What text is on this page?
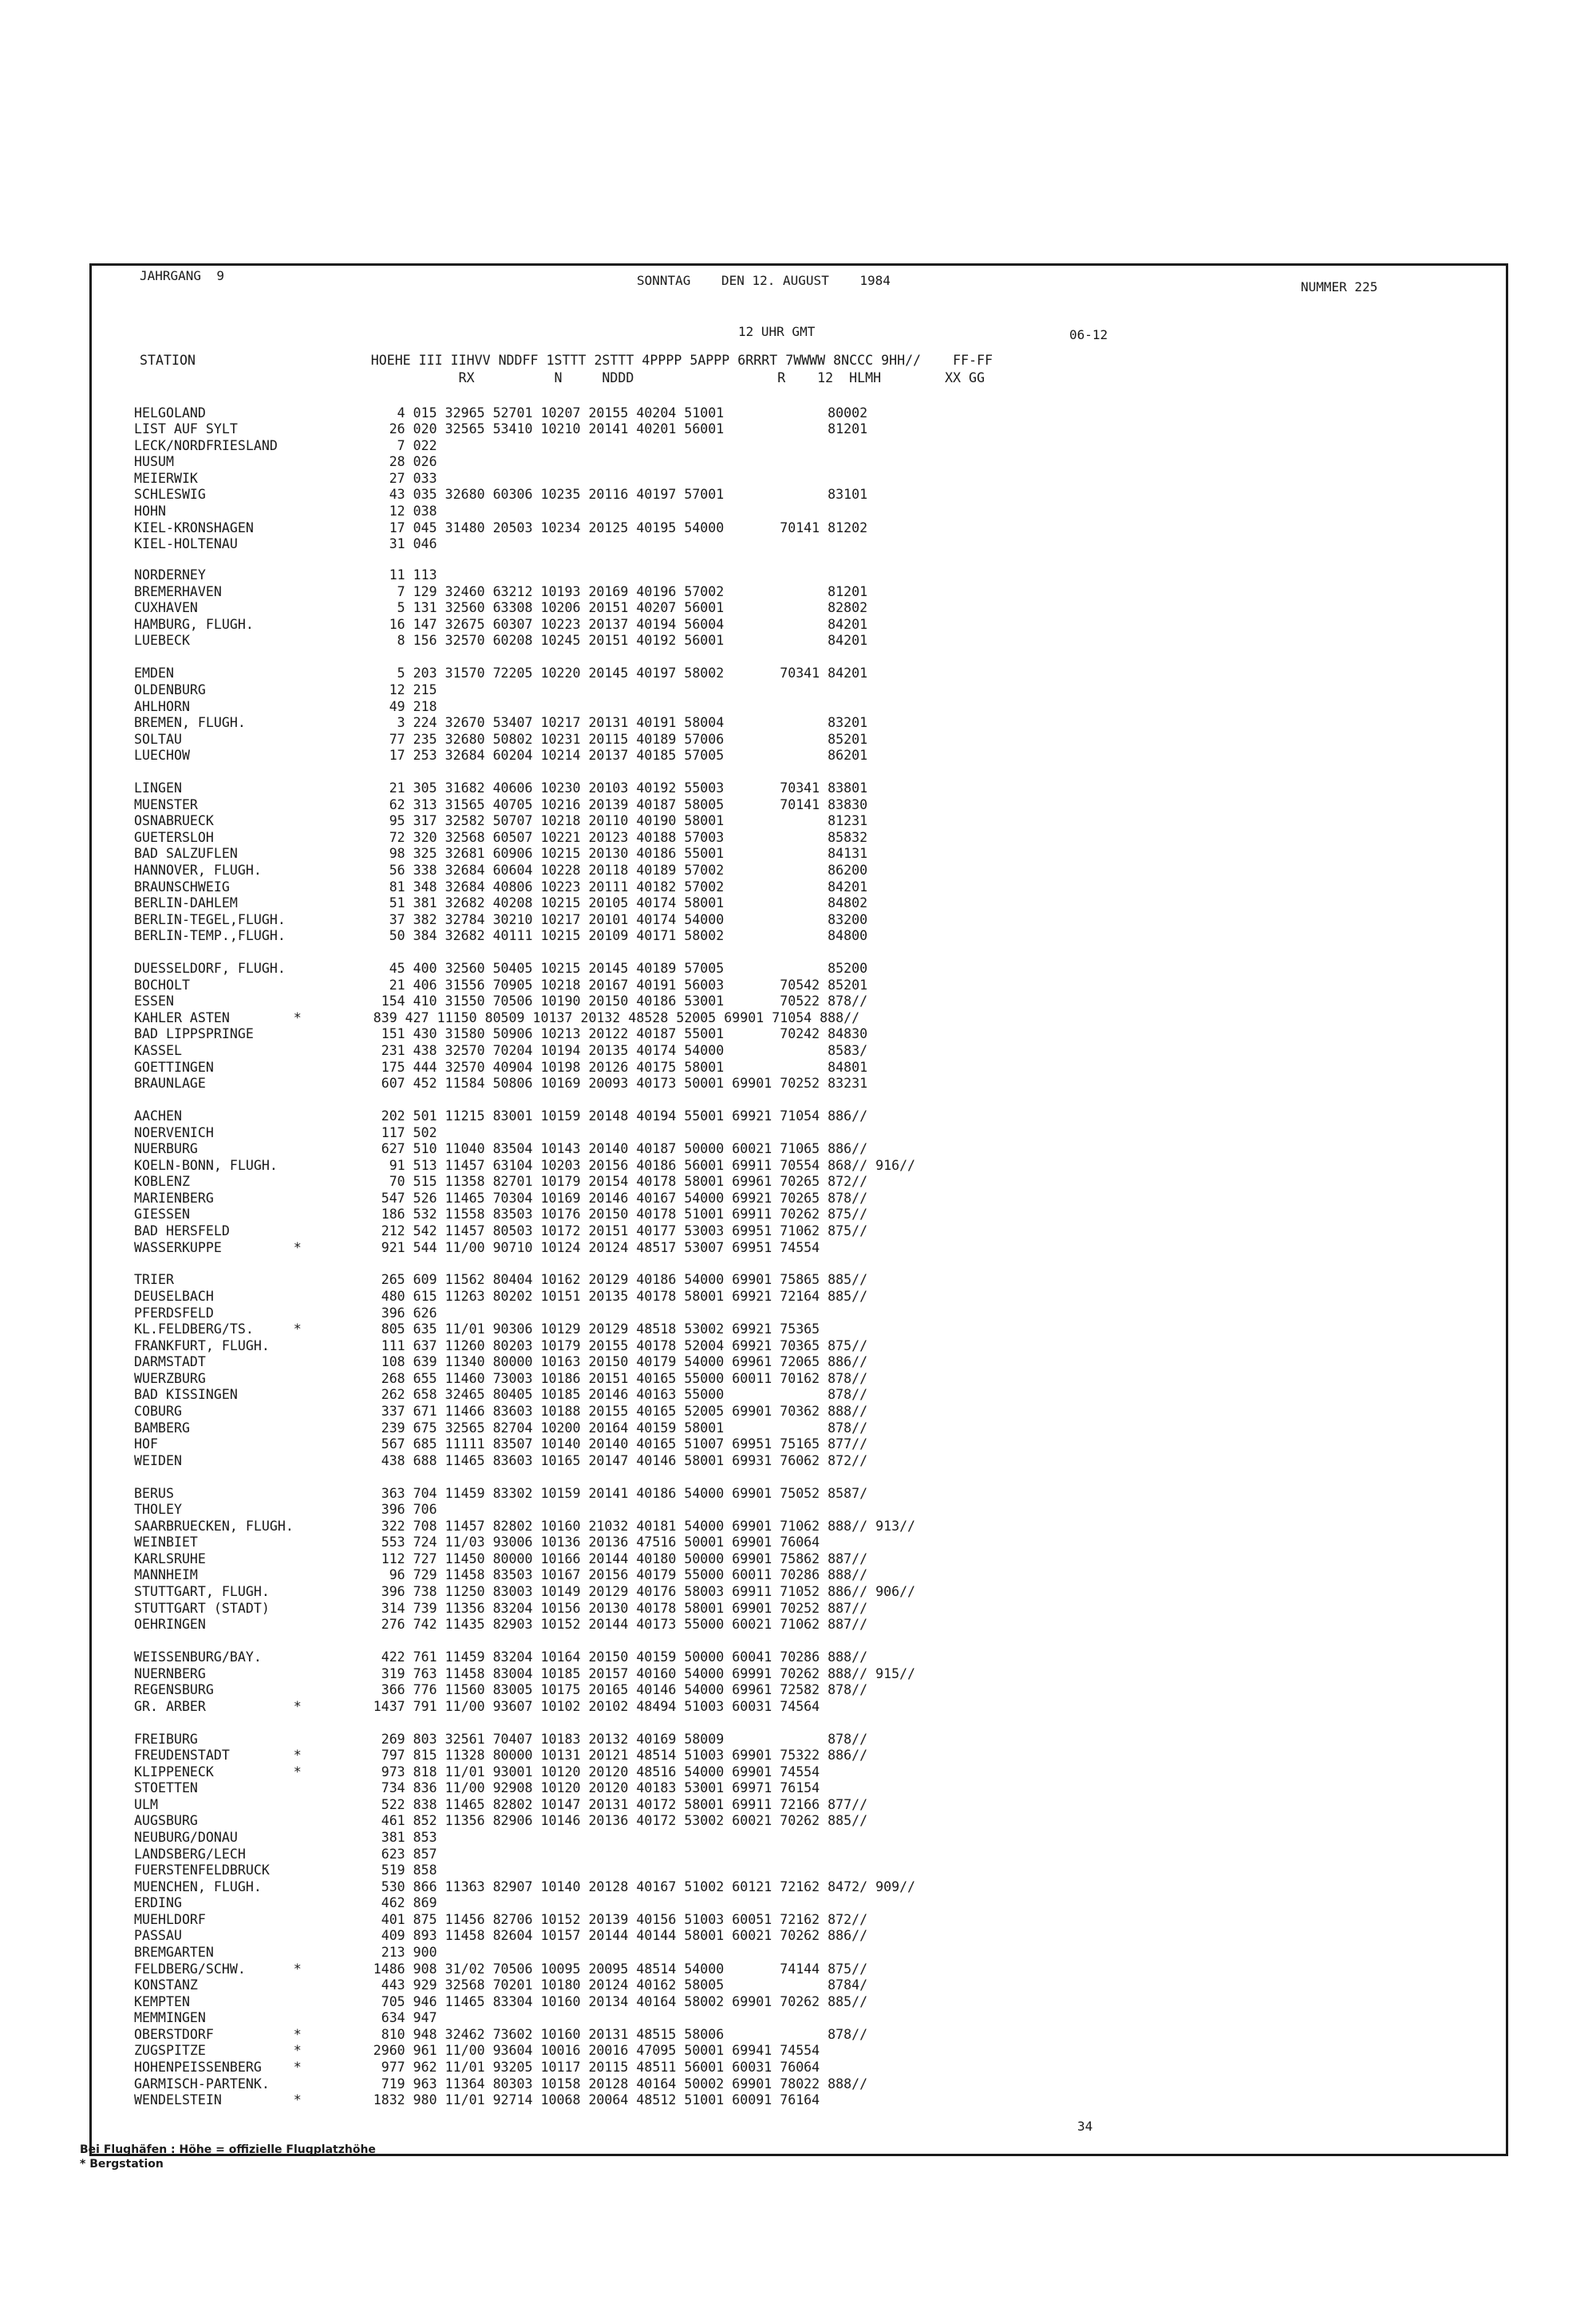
JAHRGANG  9	SONNTAG    DEN 12. AUGUST    1984	NUMMER 225
12 UHR GMT	06-12
STATION                      HOEHE III IIHVV NDDFF 1STTT 2STTT 4PPPP 5APPP 6RRRT 7WWWW 8NCCC 9HH//    FF-FF
RX          N     NDDD                  R    12  HLMH        XX GG
HELGOLAND                        4 015 32965 52701 10207 20155 40204 51001             80002
LIST AUF SYLT                   26 020 32565 53410 10210 20141 40201 56001             81201
LECK/NORDFRIESLAND               7 022
HUSUM                           28 026
MEIERWIK                        27 033
SCHLESWIG                       43 035 32680 60306 10235 20116 40197 57001             83101
HOHN                            12 038
KIEL-KRONSHAGEN                 17 045 31480 20503 10234 20125 40195 54000       70141 81202
KIEL-HOLTENAU                   31 046
NORDERNEY                       11 113
BREMERHAVEN                      7 129 32460 63212 10193 20169 40196 57002             81201
CUXHAVEN                         5 131 32560 63308 10206 20151 40207 56001             82802
HAMBURG, FLUGH.                 16 147 32675 60307 10223 20137 40194 56004             84201
LUEBECK                          8 156 32570 60208 10245 20151 40192 56001             84201
EMDEN                            5 203 31570 72205 10220 20145 40197 58002       70341 84201
OLDENBURG                       12 215
AHLHORN                         49 218
BREMEN, FLUGH.                   3 224 32670 53407 10217 20131 40191 58004             83201
SOLTAU                          77 235 32680 50802 10231 20115 40189 57006             85201
LUECHOW                         17 253 32684 60204 10214 20137 40185 57005             86201
LINGEN                          21 305 31682 40606 10230 20103 40192 55003       70341 83801
MUENSTER                        62 313 31565 40705 10216 20139 40187 58005       70141 83830
OSNABRUECK                      95 317 32582 50707 10218 20110 40190 58001             81231
GUETERSLOH                      72 320 32568 60507 10221 20123 40188 57003             85832
BAD SALZUFLEN                   98 325 32681 60906 10215 20130 40186 55001             84131
HANNOVER, FLUGH.                56 338 32684 60604 10228 20118 40189 57002             86200
BRAUNSCHWEIG                    81 348 32684 40806 10223 20111 40182 57002             84201
BERLIN-DAHLEM                   51 381 32682 40208 10215 20105 40174 58001             84802
BERLIN-TEGEL,FLUGH.             37 382 32784 30210 10217 20101 40174 54000             83200
BERLIN-TEMP.,FLUGH.             50 384 32682 40111 10215 20109 40171 58002             84800
DUESSELDORF, FLUGH.             45 400 32560 50405 10215 20145 40189 57005             85200
BOCHOLT                         21 406 31556 70905 10218 20167 40191 56003       70542 85201
ESSEN                          154 410 31550 70506 10190 20150 40186 53001       70522 878//
KAHLER ASTEN        *         839 427 11150 80509 10137 20132 48528 52005 69901 71054 888//
BAD LIPPSPRINGE                151 430 31580 50906 10213 20122 40187 55001       70242 84830
KASSEL                         231 438 32570 70204 10194 20135 40174 54000             8583/
GOETTINGEN                     175 444 32570 40904 10198 20126 40175 58001             84801
BRAUNLAGE                      607 452 11584 50806 10169 20093 40173 50001 69901 70252 83231
AACHEN                         202 501 11215 83001 10159 20148 40194 55001 69921 71054 886//
NOERVENICH                     117 502
NUERBURG                       627 510 11040 83504 10143 20140 40187 50000 60021 71065 886//
KOELN-BONN, FLUGH.              91 513 11457 63104 10203 20156 40186 56001 69911 70554 868// 916//
KOBLENZ                         70 515 11358 82701 10179 20154 40178 58001 69961 70265 872//
MARIENBERG                     547 526 11465 70304 10169 20146 40167 54000 69921 70265 878//
GIESSEN                        186 532 11558 83503 10176 20150 40178 51001 69911 70262 875//
BAD HERSFELD                   212 542 11457 80503 10172 20151 40177 53003 69951 71062 875//
WASSERKUPPE         *          921 544 11/00 90710 10124 20124 48517 53007 69951 74554
TRIER                          265 609 11562 80404 10162 20129 40186 54000 69901 75865 885//
DEUSELBACH                     480 615 11263 80202 10151 20135 40178 58001 69921 72164 885//
PFERDSFELD                     396 626
KL.FELDBERG/TS.     *          805 635 11/01 90306 10129 20129 48518 53002 69921 75365
FRANKFURT, FLUGH.              111 637 11260 80203 10179 20155 40178 52004 69921 70365 875//
DARMSTADT                      108 639 11340 80000 10163 20150 40179 54000 69961 72065 886//
WUERZBURG                      268 655 11460 73003 10186 20151 40165 55000 60011 70162 878//
BAD KISSINGEN                  262 658 32465 80405 10185 20146 40163 55000             878//
COBURG                         337 671 11466 83603 10188 20155 40165 52005 69901 70362 888//
BAMBERG                        239 675 32565 82704 10200 20164 40159 58001             878//
HOF                            567 685 11111 83507 10140 20140 40165 51007 69951 75165 877//
WEIDEN                         438 688 11465 83603 10165 20147 40146 58001 69931 76062 872//
BERUS                          363 704 11459 83302 10159 20141 40186 54000 69901 75052 8587/
THOLEY                         396 706
SAARBRUECKEN, FLUGH.           322 708 11457 82802 10160 21032 40181 54000 69901 71062 888// 913//
WEINBIET                       553 724 11/03 93006 10136 20136 47516 50001 69901 76064
KARLSRUHE                      112 727 11450 80000 10166 20144 40180 50000 69901 75862 887//
MANNHEIM                        96 729 11458 83503 10167 20156 40179 55000 60011 70286 888//
STUTTGART, FLUGH.              396 738 11250 83003 10149 20129 40176 58003 69911 71052 886// 906//
STUTTGART (STADT)              314 739 11356 83204 10156 20130 40178 58001 69901 70252 887//
OEHRINGEN                      276 742 11435 82903 10152 20144 40173 55000 60021 71062 887//
WEISSENBURG/BAY.               422 761 11459 83204 10164 20150 40159 50000 60041 70286 888//
NUERNBERG                      319 763 11458 83004 10185 20157 40160 54000 69991 70262 888// 915//
REGENSBURG                     366 776 11560 83005 10175 20165 40146 54000 69961 72582 878//
GR. ARBER           *         1437 791 11/00 93607 10102 20102 48494 51003 60031 74564
FREIBURG                       269 803 32561 70407 10183 20132 40169 58009             878//
FREUDENSTADT        *          797 815 11328 80000 10131 20121 48514 51003 69901 75322 886//
KLIPPENECK          *          973 818 11/01 93001 10120 20120 48516 54000 69901 74554
STOETTEN                       734 836 11/00 92908 10120 20120 40183 53001 69971 76154
ULM                            522 838 11465 82802 10147 20131 40172 58001 69911 72166 877//
AUGSBURG                       461 852 11356 82906 10146 20136 40172 53002 60021 70262 885//
NEUBURG/DONAU                  381 853
LANDSBERG/LECH                 623 857
FUERSTENFELDBRUCK              519 858
MUENCHEN, FLUGH.               530 866 11363 82907 10140 20128 40167 51002 60121 72162 8472/ 909//
ERDING                         462 869
MUEHLDORF                      401 875 11456 82706 10152 20139 40156 51003 60051 72162 872//
PASSAU                         409 893 11458 82604 10157 20144 40144 58001 60021 70262 886//
BREMGARTEN                     213 900
FELDBERG/SCHW.      *         1486 908 31/02 70506 10095 20095 48514 54000       74144 875//
KONSTANZ                       443 929 32568 70201 10180 20124 40162 58005             8784/
KEMPTEN                        705 946 11465 83304 10160 20134 40164 58002 69901 70262 885//
MEMMINGEN                      634 947
OBERSTDORF          *          810 948 32462 73602 10160 20131 48515 58006             878//
ZUGSPITZE           *         2960 961 11/00 93604 10016 20016 47095 50001 69941 74554
HOHENPEISSENBERG    *          977 962 11/01 93205 10117 20115 48511 56001 60031 76064
GARMISCH-PARTENK.              719 963 11364 80303 10158 20128 40164 50002 69901 78022 888//
WENDELSTEIN         *         1832 980 11/01 92714 10068 20064 48512 51001 60091 76164
34
Bei Flughäfen : Höhe = offizielle Flugplatzhöhe
* Bergstation
